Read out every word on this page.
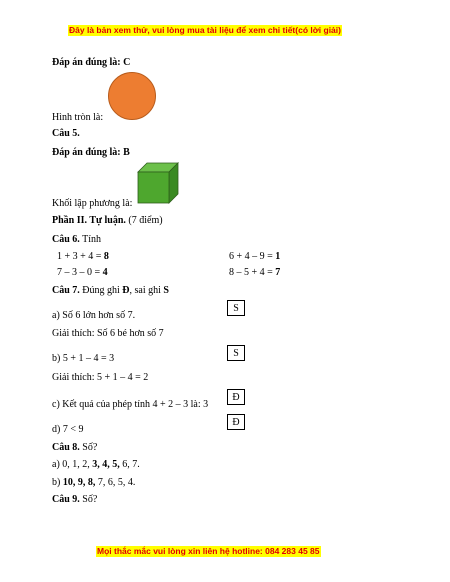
Đây là bản xem thử, vui lòng mua tài liệu để xem chi tiết(có lời giải)
Đáp án đúng là: C
Hình tròn là:
Câu 5.
Đáp án đúng là: B
Khối lập phương là:
Phần II. Tự luận. (7 điểm)
Câu 6. Tính
1 + 3 + 4 = 8	6 + 4 – 9 = 1
7 – 3 – 0 = 4	8 – 5 + 4 = 7
Câu 7. Đúng ghi Đ, sai ghi S
a) Số 6 lớn hơn số 7.
S
Giải thích: Số 6 bé hơn số 7
b) 5 + 1 – 4 = 3	S
Giải thích: 5 + 1 – 4 = 2
c) Kết quả của phép tính 4 + 2 – 3 là: 3
Đ
d) 7 < 9
Đ
Câu 8. Số?
a) 0, 1, 2, 3, 4, 5, 6, 7.
b) 10, 9, 8, 7, 6, 5, 4.
Câu 9. Số?
Mọi thắc mắc vui lòng xin liên hệ hotline: 084 283 45 85
